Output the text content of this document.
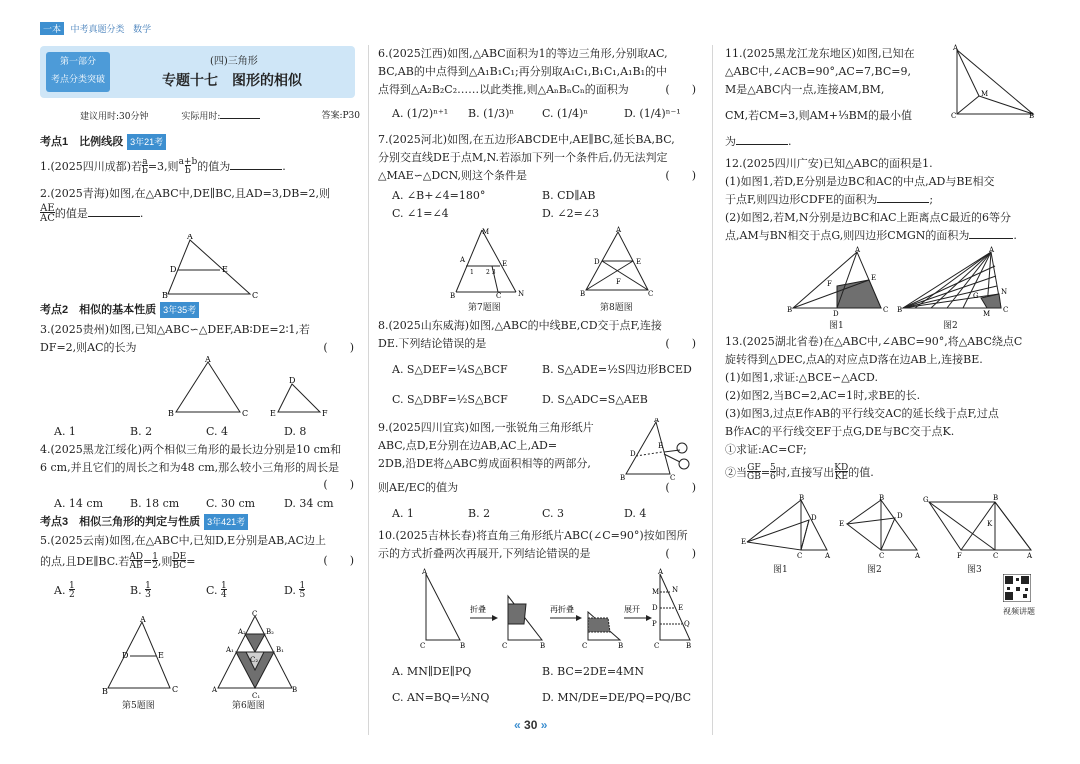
一本 中考真题分类 数学
第一部分
考点分类突破
(四)三角形
专题十七　图形的相似
建议用时:30分钟	实际用时:	答案:P30
考点1　比例线段 3年21考
1.(2025四川成都)若$\frac{a}{b}=3$,则$\frac{a+b}{b}$的值为	.
2.(2025青海)如图,在△ABC中,DE∥BC,且AD=3,DB=2,则
$\frac{AE}{AC}$的值是	.
A
B	C
D	E
考点2　相似的基本性质 3年35考
3.(2025贵州)如图,已知△ABC∽△DEF,AB∶DE=2∶1,若
DF=2,则AC的长为	(　　)
A
B	C
D
E	F
A. 1	B. 2	C. 4	D. 8
4.(2025黑龙江绥化)两个相似三角形的最长边分别是10 cm和
6 cm,并且它们的周长之和为48 cm,那么较小三角形的周长是
(　　)
A. 14 cm B. 18 cm C. 30 cm	D. 34 cm
考点3　相似三角形的判定与性质 3年421考
5.(2025云南)如图,在△ABC中,已知D,E分别是AB,AC边上
的点,且DE∥BC.若$\frac{AD}{AB}=\frac{1}{2}$,则$\frac{DE}{BC}=$	(　　)
A. $\frac{1}{2}$	B. $\frac{1}{3}$	C. $\frac{1}{4}$	D. $\frac{1}{5}$
A
B	C
D	E
第5题图
C
A₂	B₂
A₁	B₁
C₂
A
C₁
B
第6题图
6.(2025江西)如图,△ABC面积为1的等边三角形,分别取AC,
BC,AB的中点得到△A₁B₁C₁;再分别取A₁C₁,B₁C₁,A₁B₁的中
点得到△A₂B₂C₂……以此类推,则△AₙBₙCₙ的面积为	(　　)
A. (1/2)ⁿ⁺¹ B. (1/3)ⁿ	C. (1/4)ⁿ	D. (1/4)ⁿ⁻¹
7.(2025河北)如图,在五边形ABCDE中,AE∥BC,延长BA,BC,
分别交直线DE于点M,N.若添加下列一个条件后,仍无法判定
△MAE∽△DCN,则这个条件是	(　　)
A. ∠B+∠4=180°	B. CD∥AB
C. ∠1=∠4	D. ∠2=∠3
M
A	E
2 3
1
B	C N
第7题图
A
D	E
F
B	C
第8题图
8.(2025山东威海)如图,△ABC的中线BE,CD交于点F,连接
DE.下列结论错误的是	(　　)
A. S△DEF=¼S△BCF	B. S△ADE=½S四边形BCED
C. S△DBF=½S△BCF	D. S△ADC=S△AEB
9.(2025四川宜宾)如图,一张锐角三角形纸片
ABC,点D,E分别在边AB,AC上,AD=
2DB,沿DE将△ABC剪成面积相等的两部分,
则AE/EC的值为	(　　)
A
D
E
B	C
A. 1	B. 2	C. 3	D. 4
10.(2025吉林长春)将直角三角形纸片ABC(∠C=90°)按如图所
示的方式折叠两次再展开,下列结论错误的是	(　　)
A
C	B
折叠
C	B
再折叠
C	B
展开
A
M N
D	E
P	Q
C	B
A. MN∥DE∥PQ	B. BC=2DE=4MN
C. AN=BQ=½NQ	D. MN/DE=DE/PQ=PQ/BC
11.(2025黑龙江龙东地区)如图,已知在
△ABC中,∠ACB=90°,AC=7,BC=9,
M是△ABC内一点,连接AM,BM,
CM,若CM=3,则AM+⅓BM的最小值
为	.
A
C	B
M
12.(2025四川广安)已知△ABC的面积是1.
(1)如图1,若D,E分别是边BC和AC的中点,AD与BE相交
于点F,则四边形CDFE的面积为	;
(2)如图2,若M,N分别是边BC和AC上距离点C最近的6等分
点,AM与BN相交于点G,则四边形CMGN的面积为	.
A
B	C
D
E
F
图1
A
B	C
G	N
M
图2
13.(2025湖北省卷)在△ABC中,∠ABC=90°,将△ABC绕点C
旋转得到△DEC,点A的对应点D落在边AB上,连接BE.
(1)如图1,求证:△BCE∽△ACD.
(2)如图2,当BC=2,AC=1时,求BE的长.
(3)如图3,过点E作AB的平行线交AC的延长线于点F,过点
B作AC的平行线交EF于点G,DE与BC交于点K.
①求证:AC=CF;
②当$\frac{GF}{GB}=\frac{5}{6}$时,直接写出$\frac{KD}{KE}$的值.
B
D
E
C	A
图1
B
D
E
C	A
图2
G	B
K
F	C	A
图3
视频讲题
« 30 »
